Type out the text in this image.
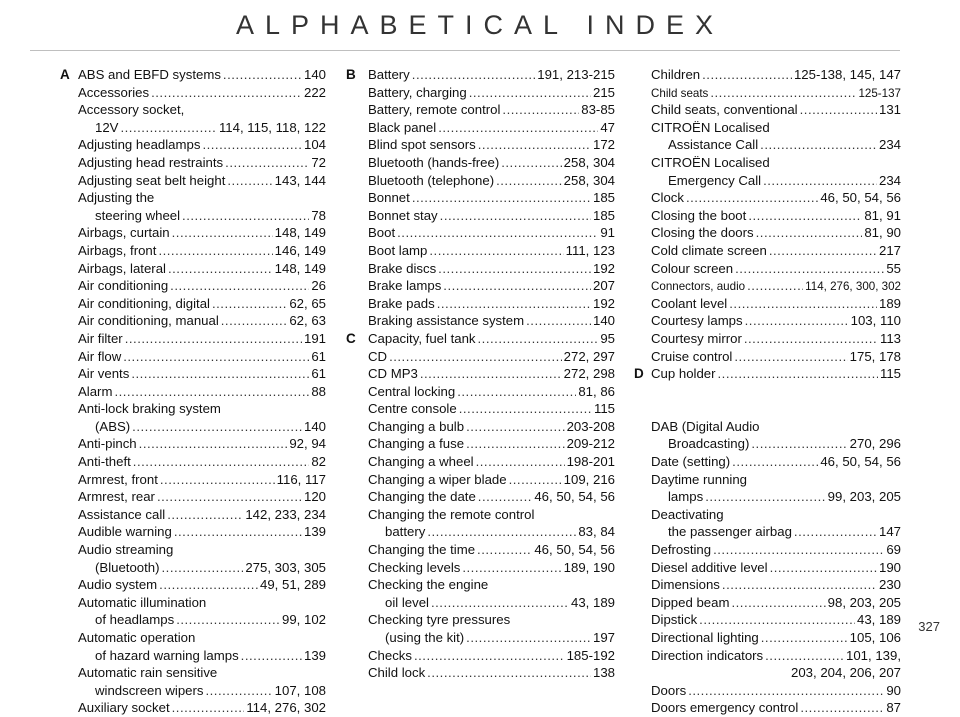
ALPHABETICAL INDEX
ABS and EBFD systems .....	140
Accessories .....	222
Accessory socket,
12V .....	114, 115, 118, 122
Adjusting headlamps .....	104
Adjusting head restraints .....	72
Adjusting seat belt height .....	143, 144
Adjusting the
steering wheel .....	78
Airbags, curtain .....	148, 149
Airbags, front .....	146, 149
Airbags, lateral .....	148, 149
Air conditioning .....	26
Air conditioning, digital .....	62, 65
Air conditioning, manual .....	62, 63
Air filter .....	191
Air flow .....	61
Air vents .....	61
Alarm .....	88
Anti-lock braking system
(ABS) .....	140
Anti-pinch .....	92, 94
Anti-theft .....	82
Armrest, front .....	116, 117
Armrest, rear .....	120
Assistance call .....	142, 233, 234
Audible warning .....	139
Audio streaming
(Bluetooth) .....	275, 303, 305
Audio system .....	49, 51, 289
Automatic illumination
of headlamps .....	99, 102
Automatic operation
of hazard warning lamps .....	139
Automatic rain sensitive
windscreen wipers .....	107, 108
Auxiliary socket .....	114, 276, 302
Battery .....	191, 213-215
Battery, charging .....	215
Battery, remote control .....	83-85
Black panel .....	47
Blind spot sensors .....	172
Bluetooth (hands-free) .....	258, 304
Bluetooth (telephone) .....	258, 304
Bonnet .....	185
Bonnet stay .....	185
Boot .....	91
Boot lamp .....	111, 123
Brake discs .....	192
Brake lamps .....	207
Brake pads .....	192
Braking assistance system .....	140
Capacity, fuel tank .....	95
CD .....	272, 297
CD MP3 .....	272, 298
Central locking .....	81, 86
Centre console .....	115
Changing a bulb .....	203-208
Changing a fuse .....	209-212
Changing a wheel .....	198-201
Changing a wiper blade .....	109, 216
Changing the date .....	46, 50, 54, 56
Changing the remote control
battery .....	83, 84
Changing the time .....	46, 50, 54, 56
Checking levels .....	189, 190
Checking the engine
oil level .....	43, 189
Checking tyre pressures
(using the kit) .....	197
Checks .....	185-192
Child lock .....	138
Children .....	125-138, 145, 147
Child seats .....	125-137
Child seats, conventional .....	131
CITROËN Localised
Assistance Call .....	234
CITROËN Localised
Emergency Call .....	234
Clock .....	46, 50, 54, 56
Closing the boot .....	81, 91
Closing the doors .....	81, 90
Cold climate screen .....	217
Colour screen .....	55
Connectors, audio .....	114, 276, 300, 302
Coolant level .....	189
Courtesy lamps .....	103, 110
Courtesy mirror .....	113
Cruise control .....	175, 178
Cup holder .....	115
DAB (Digital Audio
Broadcasting) .....	270, 296
Date (setting) .....	46, 50, 54, 56
Daytime running
lamps .....	99, 203, 205
Deactivating
the passenger airbag .....	147
Defrosting .....	69
Diesel additive level .....	190
Dimensions .....	230
Dipped beam .....	98, 203, 205
Dipstick .....	43, 189
Directional lighting .....	105, 106
Direction indicators .....	101, 139,
203, 204, 206, 207
Doors .....	90
Doors emergency control .....	87
A	B
C
D
327
